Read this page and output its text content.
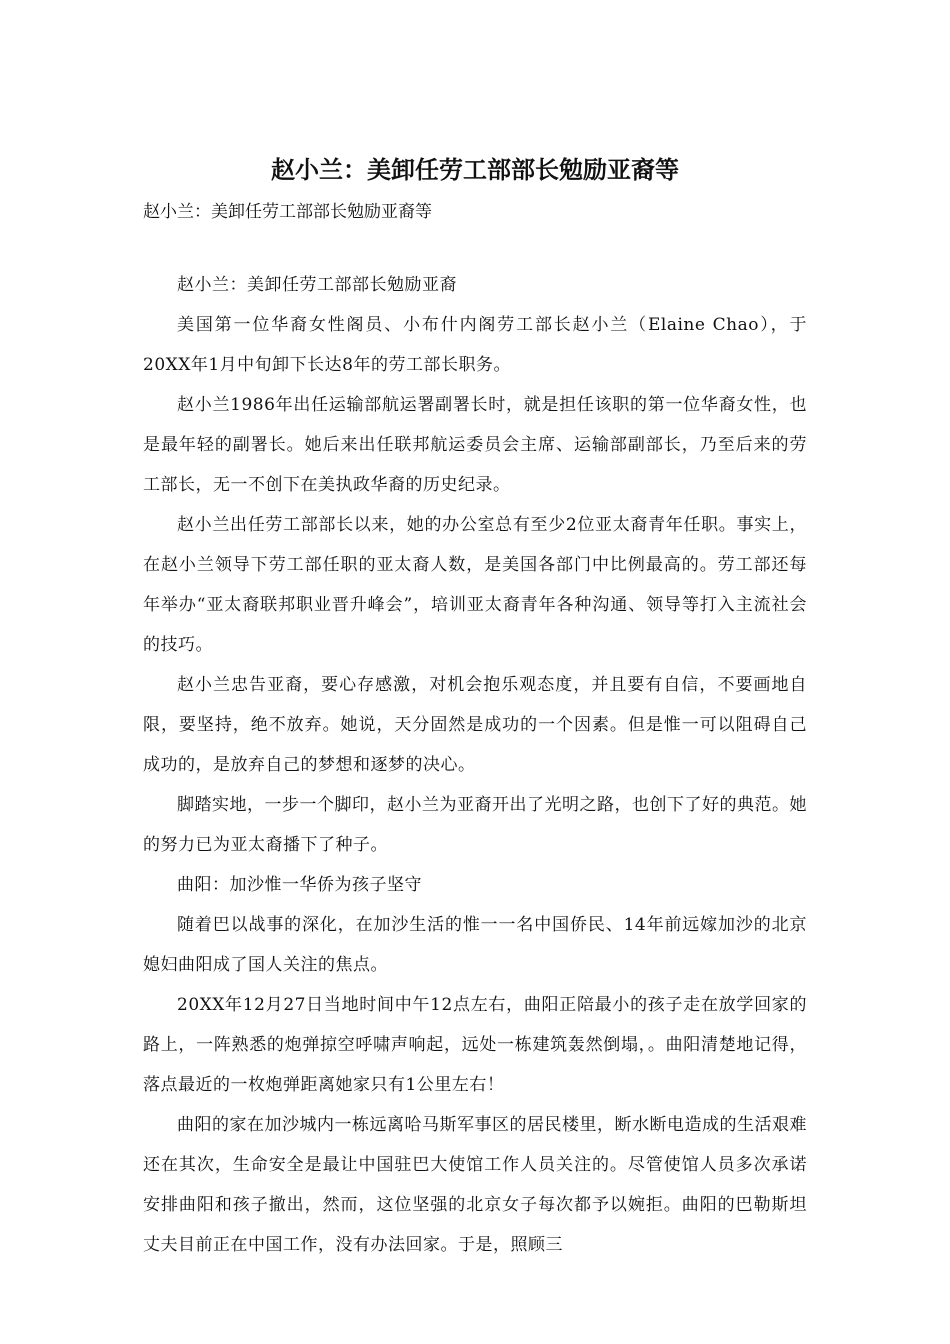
赵小兰：美卸任劳工部部长勉励亚裔等

赵小兰：美卸任劳工部部长勉励亚裔等

赵小兰：美卸任劳工部部长勉励亚裔

美国第一位华裔女性阁员、小布什内阁劳工部长赵小兰（Elaine Chao），于20XX年1月中旬卸下长达8年的劳工部长职务。

赵小兰1986年出任运输部航运署副署长时，就是担任该职的第一位华裔女性，也是最年轻的副署长。她后来出任联邦航运委员会主席、运输部副部长，乃至后来的劳工部长，无一不创下在美执政华裔的历史纪录。

赵小兰出任劳工部部长以来，她的办公室总有至少2位亚太裔青年任职。事实上，在赵小兰领导下劳工部任职的亚太裔人数，是美国各部门中比例最高的。劳工部还每年举办“亚太裔联邦职业晋升峰会”，培训亚太裔青年各种沟通、领导等打入主流社会的技巧。

赵小兰忠告亚裔，要心存感激，对机会抱乐观态度，并且要有自信，不要画地自限，要坚持，绝不放弃。她说，天分固然是成功的一个因素。但是惟一可以阻碍自己成功的，是放弃自己的梦想和逐梦的决心。

脚踏实地，一步一个脚印，赵小兰为亚裔开出了光明之路，也创下了好的典范。她的努力已为亚太裔播下了种子。

曲阳：加沙惟一华侨为孩子坚守

随着巴以战事的深化，在加沙生活的惟一一名中国侨民、14年前远嫁加沙的北京媳妇曲阳成了国人关注的焦点。

20XX年12月27日当地时间中午12点左右，曲阳正陪最小的孩子走在放学回家的路上，一阵熟悉的炮弹掠空呼啸声响起，远处一栋建筑轰然倒塌，。曲阳清楚地记得，落点最近的一枚炮弹距离她家只有1公里左右！

曲阳的家在加沙城内一栋远离哈马斯军事区的居民楼里，断水断电造成的生活艰难还在其次，生命安全是最让中国驻巴大使馆工作人员关注的。尽管使馆人员多次承诺安排曲阳和孩子撤出，然而，这位坚强的北京女子每次都予以婉拒。曲阳的巴勒斯坦丈夫目前正在中国工作，没有办法回家。于是，照顾三
